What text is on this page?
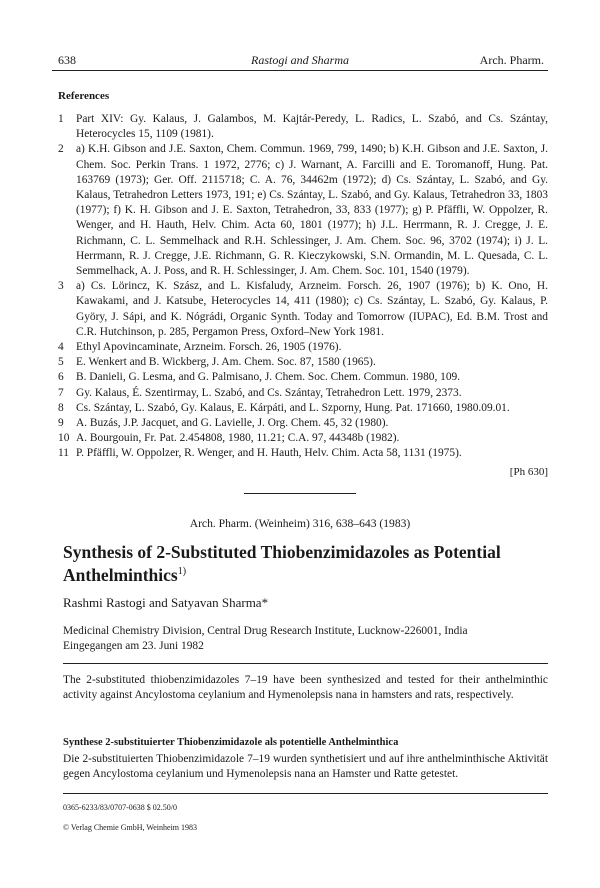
638	Rastogi and Sharma	Arch. Pharm.
References
1	Part XIV: Gy. Kalaus, J. Galambos, M. Kajtár-Peredy, L. Radics, L. Szabó, and Cs. Szántay, Heterocycles 15, 1109 (1981).
2	a) K.H. Gibson and J.E. Saxton, Chem. Commun. 1969, 799, 1490; b) K.H. Gibson and J.E. Saxton, J. Chem. Soc. Perkin Trans. 1 1972, 2776; c) J. Warnant, A. Farcilli and E. Toromanoff, Hung. Pat. 163769 (1973); Ger. Off. 2115718; C. A. 76, 34462m (1972); d) Cs. Szántay, L. Szabó, and Gy. Kalaus, Tetrahedron Letters 1973, 191; e) Cs. Szántay, L. Szabó, and Gy. Kalaus, Tetrahedron 33, 1803 (1977); f) K. H. Gibson and J. E. Saxton, Tetrahedron, 33, 833 (1977); g) P. Pfäffli, W. Oppolzer, R. Wenger, and H. Hauth, Helv. Chim. Acta 60, 1801 (1977); h) J.L. Herrmann, R. J. Cregge, J. E. Richmann, C. L. Semmelhack and R.H. Schlessinger, J. Am. Chem. Soc. 96, 3702 (1974); i) J. L. Herrmann, R. J. Cregge, J.E. Richmann, G. R. Kieczykowski, S.N. Ormandin, M. L. Quesada, C. L. Semmelhack, A. J. Poss, and R. H. Schlessinger, J. Am. Chem. Soc. 101, 1540 (1979).
3	a) Cs. Lörincz, K. Szász, and L. Kisfaludy, Arzneim. Forsch. 26, 1907 (1976); b) K. Ono, H. Kawakami, and J. Katsube, Heterocycles 14, 411 (1980); c) Cs. Szántay, L. Szabó, Gy. Kalaus, P. Györy, J. Sápi, and K. Nógrádi, Organic Synth. Today and Tomorrow (IUPAC), Ed. B.M. Trost and C.R. Hutchinson, p. 285, Pergamon Press, Oxford–New York 1981.
4	Ethyl Apovincaminate, Arzneim. Forsch. 26, 1905 (1976).
5	E. Wenkert and B. Wickberg, J. Am. Chem. Soc. 87, 1580 (1965).
6	B. Danieli, G. Lesma, and G. Palmisano, J. Chem. Soc. Chem. Commun. 1980, 109.
7	Gy. Kalaus, É. Szentirmay, L. Szabó, and Cs. Szántay, Tetrahedron Lett. 1979, 2373.
8	Cs. Szántay, L. Szabó, Gy. Kalaus, E. Kárpáti, and L. Szporny, Hung. Pat. 171660, 1980.09.01.
9	A. Buzás, J.P. Jacquet, and G. Lavielle, J. Org. Chem. 45, 32 (1980).
10 A. Bourgouin, Fr. Pat. 2.454808, 1980, 11.21; C.A. 97, 44348b (1982).
11 P. Pfäffli, W. Oppolzer, R. Wenger, and H. Hauth, Helv. Chim. Acta 58, 1131 (1975).
[Ph 630]
Arch. Pharm. (Weinheim) 316, 638–643 (1983)
Synthesis of 2-Substituted Thiobenzimidazoles as Potential Anthelminthics$^{1)}$
Rashmi Rastogi and Satyavan Sharma*
Medicinal Chemistry Division, Central Drug Research Institute, Lucknow-226001, India
Eingegangen am 23. Juni 1982
The 2-substituted thiobenzimidazoles 7–19 have been synthesized and tested for their anthelminthic activity against Ancylostoma ceylanium and Hymenolepsis nana in hamsters and rats, respectively.
Synthese 2-substituierter Thiobenzimidazole als potentielle Anthelminthica
Die 2-substituierten Thiobenzimidazole 7–19 wurden synthetisiert und auf ihre anthelminthische Aktivität gegen Ancylostoma ceylanium und Hymenolepsis nana an Hamster und Ratte getestet.
0365-6233/83/0707-0638 $ 02.50/0
© Verlag Chemie GmbH, Weinheim 1983
